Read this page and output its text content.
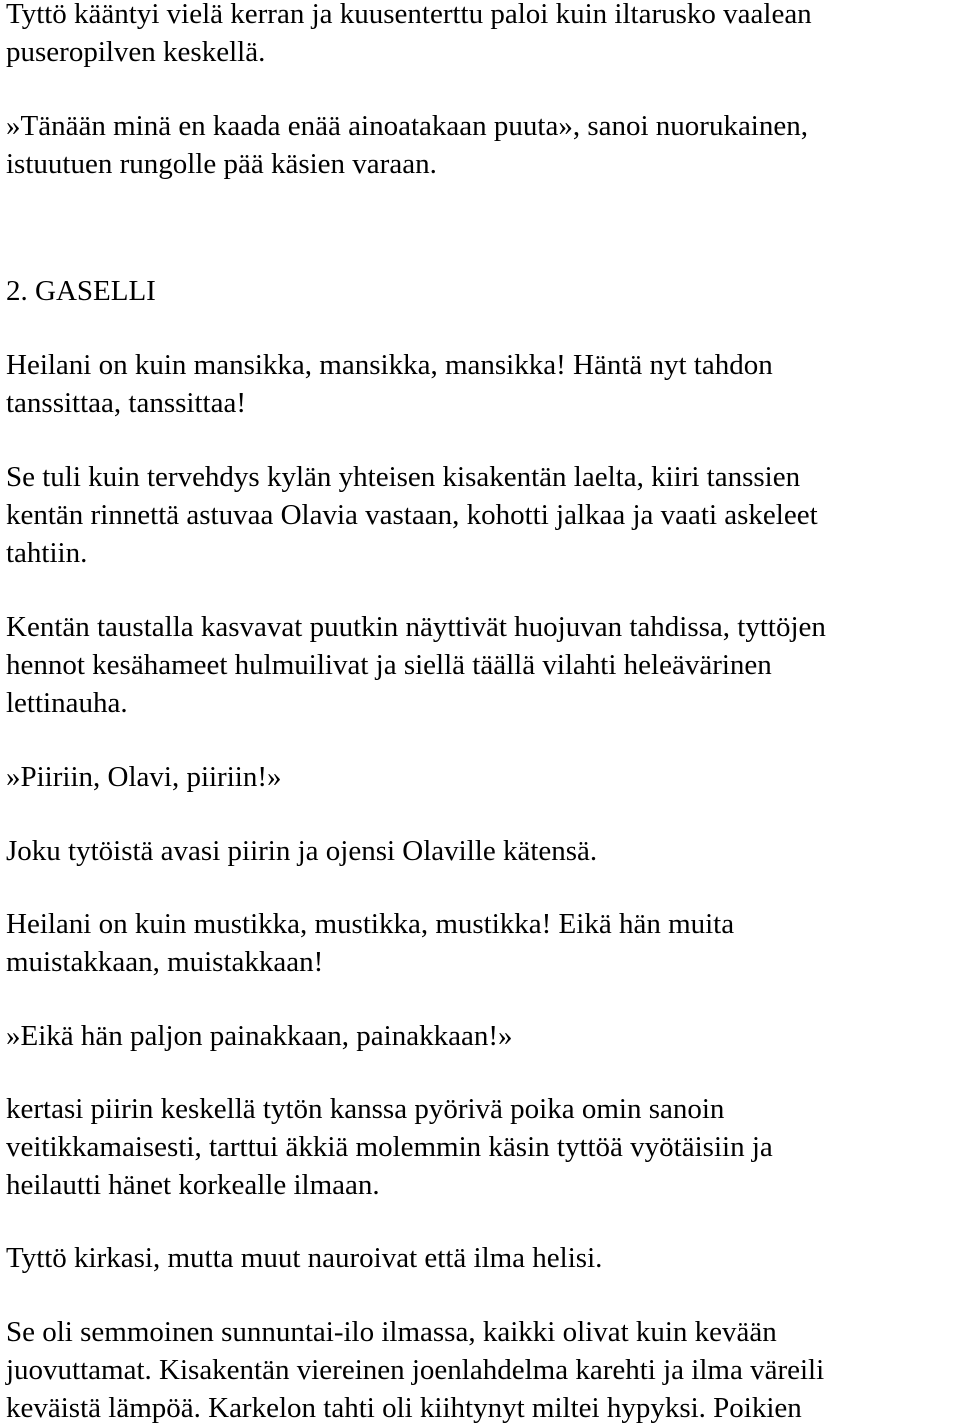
Tyttö kääntyi vielä kerran ja kuusenterttu paloi kuin iltarusko vaalean
puseropilven keskellä.
»Tänään minä en kaada enää ainoatakaan puuta», sanoi nuorukainen,
istuutuen rungolle pää käsien varaan.
2. GASELLI
Heilani on kuin mansikka, mansikka, mansikka! Häntä nyt tahdon
tanssittaa, tanssittaa!
Se tuli kuin tervehdys kylän yhteisen kisakentän laelta, kiiri tanssien
kentän rinnettä astuvaa Olavia vastaan, kohotti jalkaa ja vaati askeleet
tahtiin.
Kentän taustalla kasvavat puutkin näyttivät huojuvan tahdissa, tyttöjen
hennot kesähameet hulmuilivat ja siellä täällä vilahti heleävärinen
lettinauha.
»Piiriin, Olavi, piiriin!»
Joku tytöistä avasi piirin ja ojensi Olaville kätensä.
Heilani on kuin mustikka, mustikka, mustikka! Eikä hän muita
muistakkaan, muistakkaan!
»Eikä hän paljon painakkaan, painakkaan!»
kertasi piirin keskellä tytön kanssa pyörivä poika omin sanoin
veitikkamaisesti, tarttui äkkiä molemmin käsin tyttöä vyötäisiin ja
heilautti hänet korkealle ilmaan.
Tyttö kirkasi, mutta muut nauroivat että ilma helisi.
Se oli semmoinen sunnuntai-ilo ilmassa, kaikki olivat kuin kevään
juovuttamat. Kisakentän viereinen joenlahdelma karehti ja ilma väreili
keväistä lämpöä. Karkelon tahti oli kiihtynyt miltei hypyksi. Poikien
